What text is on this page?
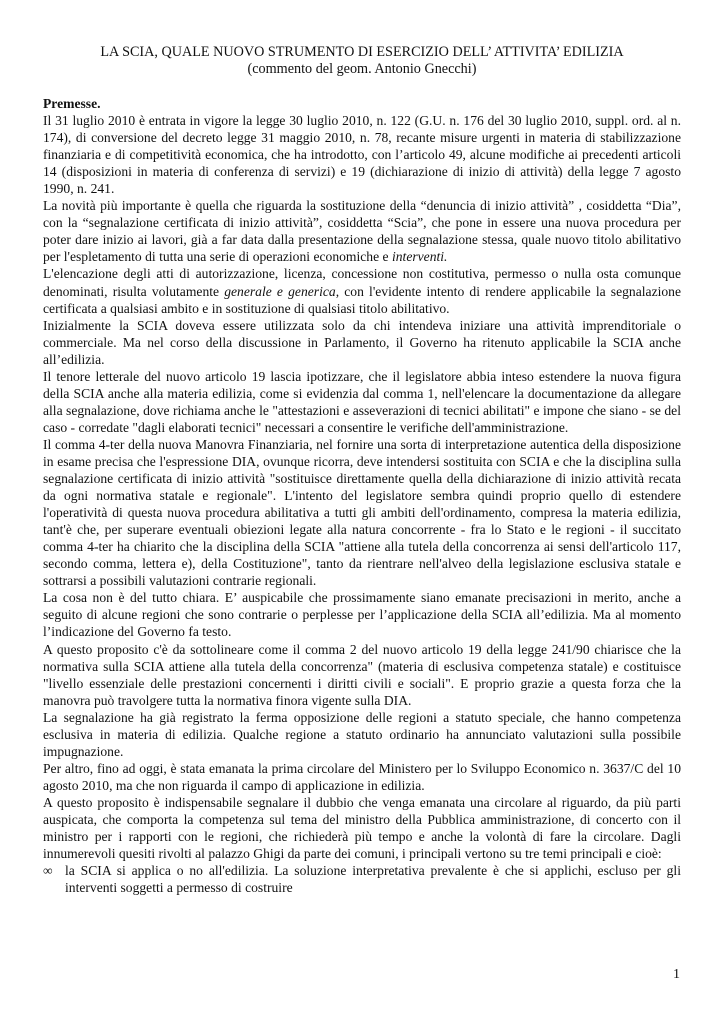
LA SCIA, QUALE NUOVO STRUMENTO DI ESERCIZIO DELL’ ATTIVITA’ EDILIZIA
(commento del geom. Antonio Gnecchi)

Premesse.

Il 31 luglio 2010 è entrata in vigore la legge 30 luglio 2010, n. 122 (G.U. n. 176 del 30 luglio 2010, suppl. ord. al n. 174), di conversione del decreto legge 31 maggio 2010, n. 78, recante misure urgenti in materia di stabilizzazione finanziaria e di competitività economica, che ha introdotto, con l’articolo 49, alcune modifiche ai precedenti articoli 14 (disposizioni in materia di conferenza di servizi) e 19 (dichiarazione di inizio di attività) della legge 7 agosto 1990, n. 241.

La novità più importante è quella che riguarda la sostituzione della “denuncia di inizio attività” , cosiddetta “Dia”, con la “segnalazione certificata di inizio attività”, cosiddetta “Scia”, che pone in essere una nuova procedura per poter dare inizio ai lavori, già a far data dalla presentazione della segnalazione stessa, quale nuovo titolo abilitativo per l'espletamento di tutta una serie di operazioni economiche e interventi.

L'elencazione degli atti di autorizzazione, licenza, concessione non costitutiva, permesso o nulla osta comunque denominati, risulta volutamente generale e generica, con l'evidente intento di rendere applicabile la segnalazione certificata a qualsiasi ambito e in sostituzione di qualsiasi titolo abilitativo.

Inizialmente la SCIA doveva essere utilizzata solo da chi intendeva iniziare una attività imprenditoriale o commerciale. Ma nel corso della discussione in Parlamento, il Governo ha ritenuto applicabile la SCIA anche all’edilizia.

Il tenore letterale del nuovo articolo 19 lascia ipotizzare, che il legislatore abbia inteso estendere la nuova figura della SCIA anche alla materia edilizia, come si evidenzia dal comma 1, nell'elencare la documentazione da allegare alla segnalazione, dove richiama anche le "attestazioni e asseverazioni di tecnici abilitati" e impone che siano - se del caso - corredate "dagli elaborati tecnici" necessari a consentire le verifiche dell'amministrazione.

Il comma 4-ter della nuova Manovra Finanziaria, nel fornire una sorta di interpretazione autentica della disposizione in esame precisa che l'espressione DIA, ovunque ricorra, deve intendersi sostituita con SCIA e che la disciplina sulla segnalazione certificata di inizio attività "sostituisce direttamente quella della dichiarazione di inizio attività recata da ogni normativa statale e regionale". L'intento del legislatore sembra quindi proprio quello di estendere l'operatività di questa nuova procedura abilitativa a tutti gli ambiti dell'ordinamento, compresa la materia edilizia, tant'è che, per superare eventuali obiezioni legate alla natura concorrente - fra lo Stato e le regioni - il succitato comma 4-ter ha chiarito che la disciplina della SCIA "attiene alla tutela della concorrenza ai sensi dell'articolo 117, secondo comma, lettera e), della Costituzione", tanto da rientrare nell'alveo della legislazione esclusiva statale e sottrarsi a possibili valutazioni contrarie regionali.

La cosa non è del tutto chiara. E’ auspicabile che prossimamente siano emanate precisazioni in merito, anche a seguito di alcune regioni che sono contrarie o perplesse per l’applicazione della SCIA all’edilizia. Ma al momento l’indicazione del Governo fa testo.

A questo proposito c'è da sottolineare come il comma 2 del nuovo articolo 19 della legge 241/90 chiarisce che la normativa sulla SCIA attiene alla tutela della concorrenza" (materia di esclusiva competenza statale) e costituisce "livello essenziale delle prestazioni concernenti i diritti civili e sociali". E proprio grazie a questa forza che la manovra può travolgere tutta la normativa finora vigente sulla DIA.

La segnalazione ha già registrato la ferma opposizione delle regioni a statuto speciale, che hanno competenza esclusiva in materia di edilizia. Qualche regione a statuto ordinario ha annunciato valutazioni sulla possibile impugnazione.

Per altro, fino ad oggi, è stata emanata la prima circolare del Ministero per lo Sviluppo Economico n. 3637/C del 10 agosto 2010, ma che non riguarda il campo di applicazione in edilizia.

A questo proposito è indispensabile segnalare il dubbio che venga emanata una circolare al riguardo, da più parti auspicata, che comporta la competenza sul tema del ministro della Pubblica amministrazione, di concerto con il ministro per i rapporti con le regioni, che richiederà più tempo e anche la volontà di fare la circolare. Dagli innumerevoli quesiti rivolti al palazzo Ghigi da parte dei comuni, i principali vertono su tre temi principali e cioè:

∞ la SCIA si applica o no all'edilizia. La soluzione interpretativa prevalente è che si applichi, escluso per gli interventi soggetti a permesso di costruire

1
